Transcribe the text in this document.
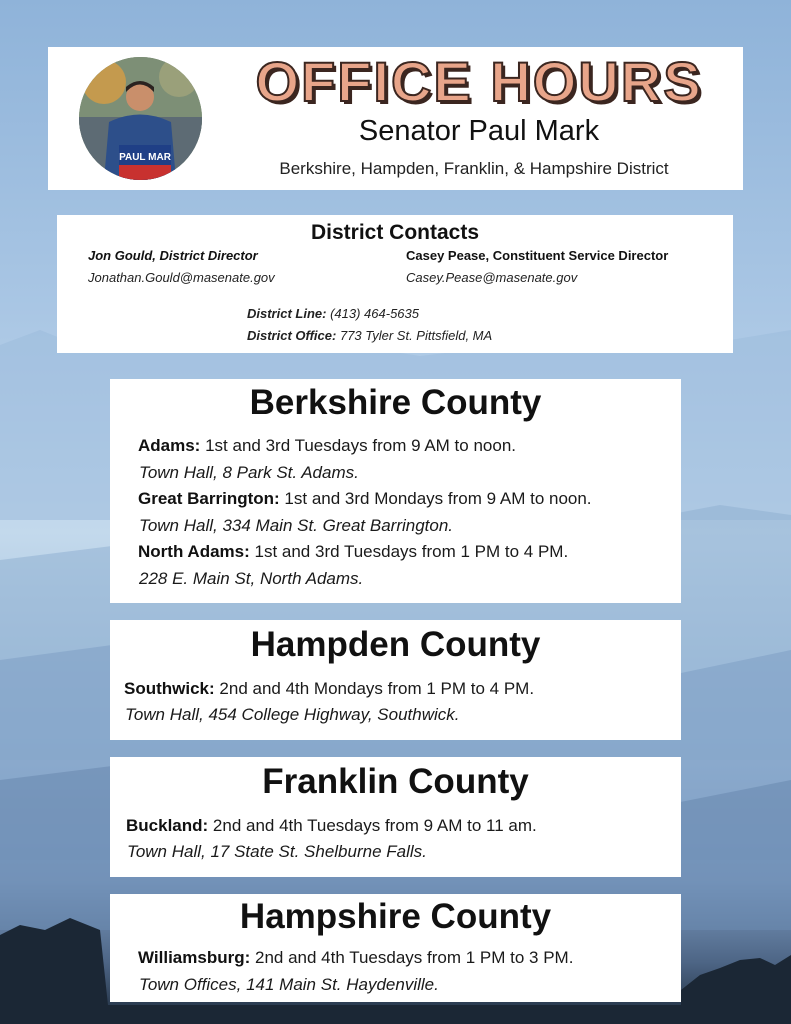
PAUL MAR
OFFICE HOURS
Senator Paul Mark
Berkshire, Hampden, Franklin, & Hampshire District
District Contacts
Jon Gould, District Director
Jonathan.Gould@masenate.gov
Casey Pease, Constituent Service Director
Casey.Pease@masenate.gov
District Line: (413) 464-5635
District Office: 773 Tyler St. Pittsfield, MA
Berkshire County
Adams: 1st and 3rd Tuesdays from 9 AM to noon.
Town Hall, 8 Park St. Adams.
Great Barrington: 1st and 3rd Mondays from 9 AM to noon.
Town Hall, 334 Main St. Great Barrington.
North Adams: 1st and 3rd Tuesdays from 1 PM to 4 PM.
228 E. Main St, North Adams.
Hampden County
Southwick: 2nd and 4th Mondays from 1 PM to 4 PM.
Town Hall, 454 College Highway, Southwick.
Franklin County
Buckland: 2nd and 4th Tuesdays from 9 AM to 11 am.
Town Hall, 17 State St. Shelburne Falls.
Hampshire County
Williamsburg: 2nd and 4th Tuesdays from 1 PM to 3 PM.
Town Offices, 141 Main St. Haydenville.
